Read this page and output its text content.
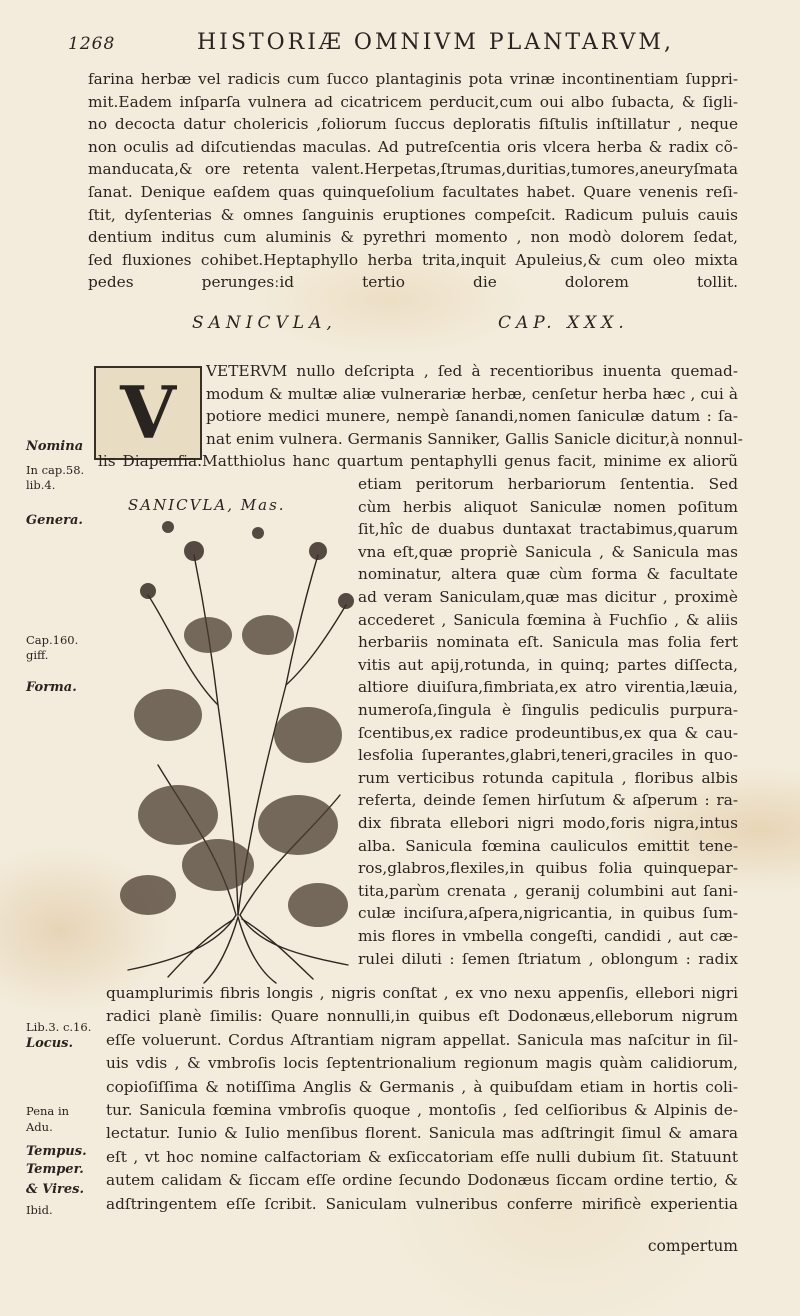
1268	HISTORIÆ OMNIVM PLANTARVM,
farina herbæ vel radicis cum ſucco plantaginis pota vrinæ incontinentiam ſuppri-
mit.Eadem inſparſa vulnera ad cicatricem perducit,cum oui albo ſubacta, & ſigli-
no decocta datur cholericis ,foliorum ſuccus deploratis fiſtulis inſtillatur , neque
non oculis ad diſcutiendas maculas. Ad putreſcentia oris vlcera herba & radix cõ-
manducata,& ore retenta valent.Herpetas,ſtrumas,duritias,tumores,aneuryſmata
ſanat. Denique eaſdem quas quinqueſolium facultates habet. Quare venenis reſi-
ſtit, dyſenterias & omnes ſanguinis eruptiones compeſcit. Radicum puluis cauis
dentium inditus cum aluminis & pyrethri momento , non modò dolorem ſedat,
ſed fluxiones cohibet.Heptaphyllo herba trita,inquit Apuleius,& cum oleo mixta
pedes perungesːid tertio die dolorem tollit.
SANICVLA,	CAP. XXX.
V	VETERVM nullo deſcripta , ſed à recentioribus inuenta quemad-
modum & multæ aliæ vulnerariæ herbæ, cenſetur herba hæc , cui à
potiore medici munere, nempè ſanandi,nomen ſaniculæ datum : ſa-
nat enim vulnera. Germanis Sanniker, Gallis Sanicle dicitur,à nonnul-
lis Diapenſia.Matthiolus hanc quartum pentaphylli genus facit, minime ex aliorũ
etiam peritorum herbariorum ſententia. Sed
cùm herbis aliquot Saniculæ nomen poſitum
ſit,hîc de duabus duntaxat tractabimus,quarum
vna eſt,quæ propriè Sanicula , & Sanicula mas
nominatur, altera quæ cùm forma & facultate
ad veram Saniculam,quæ mas dicitur , proximè
accederet , Sanicula fœmina à Fuchſio , & aliis
herbariis nominata eſt. Sanicula mas folia fert
vitis aut apij,rotunda, in quinq; partes diſſecta,
altiore diuiſura,fimbriata,ex atro virentia,læuia,
numeroſa,ſingula è ſingulis pediculis purpura-
ſcentibus,ex radice prodeuntibus,ex qua & cau-
lesfolia ſuperantes,glabri,teneri,graciles in quo-
rum verticibus rotunda capitula , floribus albis
referta, deinde ſemen hirſutum & aſperum : ra-
dix fibrata ellebori nigri modo,foris nigra,intus
alba. Sanicula fœmina cauliculos emittit tene-
ros,glabros,flexiles,in quibus folia quinquepar-
tita,parùm crenata , geranij columbini aut ſani-
culæ inciſura,aſpera,nigricantia, in quibus ſum-
mis flores in vmbella congeſti, candidi , aut cæ-
rulei diluti : ſemen ſtriatum , oblongum : radix
SANICVLA, Mas.
quamplurimis fibris longis , nigris conſtat , ex vno nexu appenſis, ellebori nigri
radici planè ſimilis: Quare nonnulli,in quibus eſt Dodonæus,elleborum nigrum
eſſe voluerunt. Cordus Aſtrantiam nigram appellat. Sanicula mas naſcitur in ſil-
uis vdis , & vmbroſis locis ſeptentrionalium regionum magis quàm calidiorum,
copioſiſſima & notiſſima Anglis & Germanis , à quibuſdam etiam in hortis coli-
tur. Sanicula fœmina vmbroſis quoque , montoſis , ſed celſioribus & Alpinis de-
lectatur. Iunio & Iulio menſibus florent. Sanicula mas adſtringit ſimul & amara
eſt , vt hoc nomine calfactoriam & exſiccatoriam eſſe nulli dubium ſit. Statuunt
autem calidam & ſiccam eſſe ordine ſecundo Dodonæus ſiccam ordine tertio, &
adſtringentem eſſe ſcribit. Saniculam vulneribus conferre mirificè experientia
compertum
Nomina
In cap.58.
lib.4.
Genera.
Cap.160.
giff.
Forma.
Lib.3. c.16.
Locus.
Pena in
Adu.
Tempus.
Temper.
& Vires.
Ibid.
